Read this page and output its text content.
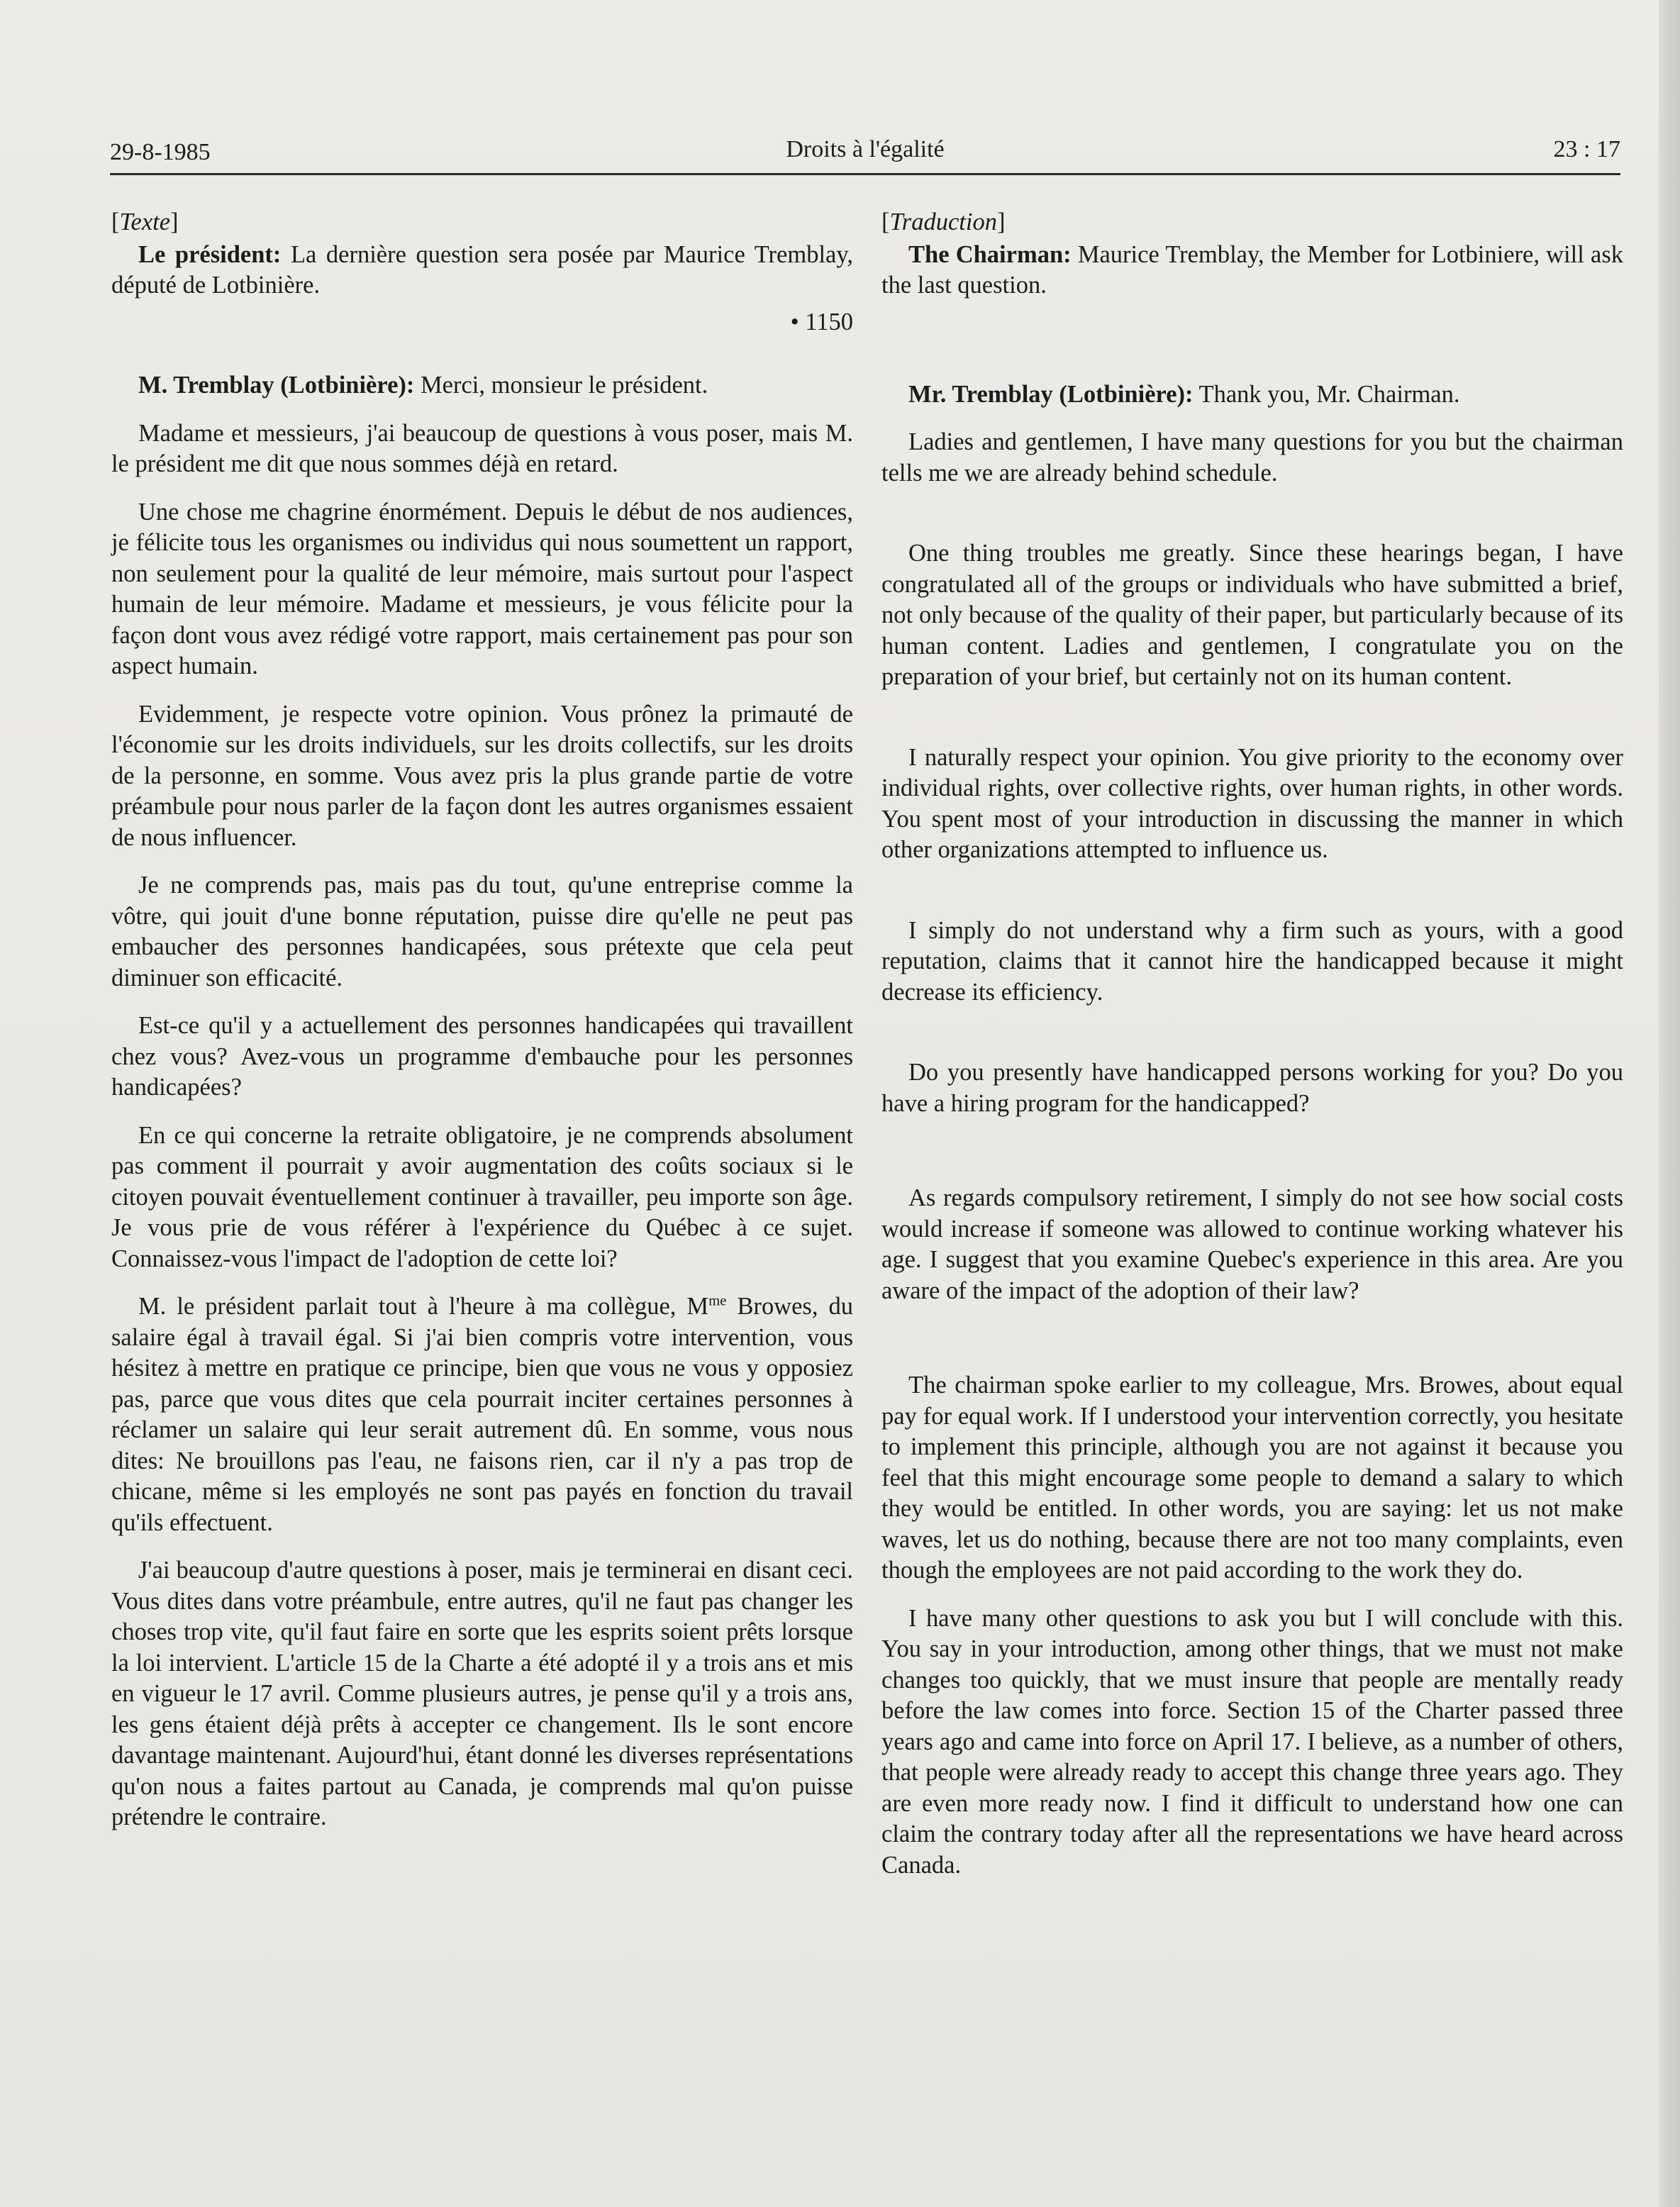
29-8-1985	Droits à l'égalité	23 : 17
[Texte]

Le président: La dernière question sera posée par Maurice Tremblay, député de Lotbinière.

• 1150

M. Tremblay (Lotbinière): Merci, monsieur le président.

Madame et messieurs, j'ai beaucoup de questions à vous poser, mais M. le président me dit que nous sommes déjà en retard.

Une chose me chagrine énormément. Depuis le début de nos audiences, je félicite tous les organismes ou individus qui nous soumettent un rapport, non seulement pour la qualité de leur mémoire, mais surtout pour l'aspect humain de leur mémoire. Madame et messieurs, je vous félicite pour la façon dont vous avez rédigé votre rapport, mais certainement pas pour son aspect humain.

Evidemment, je respecte votre opinion. Vous prônez la primauté de l'économie sur les droits individuels, sur les droits collectifs, sur les droits de la personne, en somme. Vous avez pris la plus grande partie de votre préambule pour nous parler de la façon dont les autres organismes essaient de nous influencer.

Je ne comprends pas, mais pas du tout, qu'une entreprise comme la vôtre, qui jouit d'une bonne réputation, puisse dire qu'elle ne peut pas embaucher des personnes handicapées, sous prétexte que cela peut diminuer son efficacité.

Est-ce qu'il y a actuellement des personnes handicapées qui travaillent chez vous? Avez-vous un programme d'embauche pour les personnes handicapées?

En ce qui concerne la retraite obligatoire, je ne comprends absolument pas comment il pourrait y avoir augmentation des coûts sociaux si le citoyen pouvait éventuellement continuer à travailler, peu importe son âge. Je vous prie de vous référer à l'expérience du Québec à ce sujet. Connaissez-vous l'impact de l'adoption de cette loi?

M. le président parlait tout à l'heure à ma collègue, $M^{me}$ Browes, du salaire égal à travail égal. Si j'ai bien compris votre intervention, vous hésitez à mettre en pratique ce principe, bien que vous ne vous y opposiez pas, parce que vous dites que cela pourrait inciter certaines personnes à réclamer un salaire qui leur serait autrement dû. En somme, vous nous dites: Ne brouillons pas l'eau, ne faisons rien, car il n'y a pas trop de chicane, même si les employés ne sont pas payés en fonction du travail qu'ils effectuent.

J'ai beaucoup d'autre questions à poser, mais je terminerai en disant ceci. Vous dites dans votre préambule, entre autres, qu'il ne faut pas changer les choses trop vite, qu'il faut faire en sorte que les esprits soient prêts lorsque la loi intervient. L'article 15 de la Charte a été adopté il y a trois ans et mis en vigueur le 17 avril. Comme plusieurs autres, je pense qu'il y a trois ans, les gens étaient déjà prêts à accepter ce changement. Ils le sont encore davantage maintenant. Aujourd'hui, étant donné les diverses représentations qu'on nous a faites partout au Canada, je comprends mal qu'on puisse prétendre le contraire.

[Traduction]

The Chairman: Maurice Tremblay, the Member for Lotbiniere, will ask the last question.

Mr. Tremblay (Lotbinière): Thank you, Mr. Chairman.

Ladies and gentlemen, I have many questions for you but the chairman tells me we are already behind schedule.

One thing troubles me greatly. Since these hearings began, I have congratulated all of the groups or individuals who have submitted a brief, not only because of the quality of their paper, but particularly because of its human content. Ladies and gentlemen, I congratulate you on the preparation of your brief, but certainly not on its human content.

I naturally respect your opinion. You give priority to the economy over individual rights, over collective rights, over human rights, in other words. You spent most of your introduction in discussing the manner in which other organizations attempted to influence us.

I simply do not understand why a firm such as yours, with a good reputation, claims that it cannot hire the handicapped because it might decrease its efficiency.

Do you presently have handicapped persons working for you? Do you have a hiring program for the handicapped?

As regards compulsory retirement, I simply do not see how social costs would increase if someone was allowed to continue working whatever his age. I suggest that you examine Quebec's experience in this area. Are you aware of the impact of the adoption of their law?

The chairman spoke earlier to my colleague, Mrs. Browes, about equal pay for equal work. If I understood your intervention correctly, you hesitate to implement this principle, although you are not against it because you feel that this might encourage some people to demand a salary to which they would be entitled. In other words, you are saying: let us not make waves, let us do nothing, because there are not too many complaints, even though the employees are not paid according to the work they do.

I have many other questions to ask you but I will conclude with this. You say in your introduction, among other things, that we must not make changes too quickly, that we must insure that people are mentally ready before the law comes into force. Section 15 of the Charter passed three years ago and came into force on April 17. I believe, as a number of others, that people were already ready to accept this change three years ago. They are even more ready now. I find it difficult to understand how one can claim the contrary today after all the representations we have heard across Canada.
